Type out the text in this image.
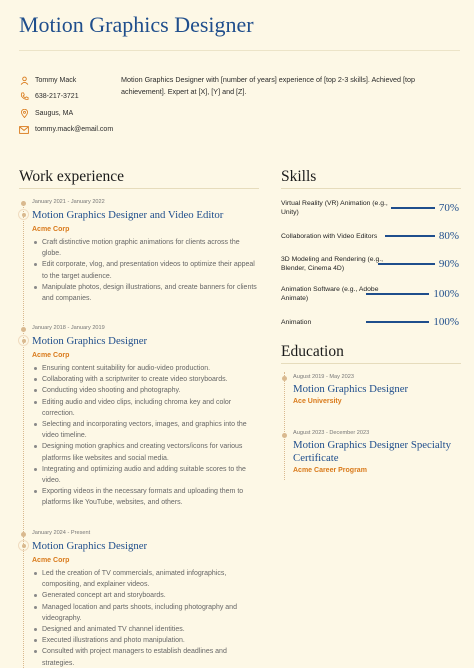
Motion Graphics Designer
Tommy Mack
638-217-3721
Saugus, MA
tommy.mack@email.com
Motion Graphics Designer with [number of years] experience of [top 2-3 skills]. Achieved [top achievement]. Expert at [X], [Y] and [Z].
Work experience
January 2021 - January 2022
Motion Graphics Designer and Video Editor
Acme Corp
Craft distinctive motion graphic animations for clients across the globe.
Edit corporate, vlog, and presentation videos to optimize their appeal to the target audience.
Manipulate photos, design illustrations, and create banners for clients and companies.
January 2018 - January 2019
Motion Graphics Designer
Acme Corp
Ensuring content suitability for audio-video production.
Collaborating with a scriptwriter to create video storyboards.
Conducting video shooting and photography.
Editing audio and video clips, including chroma key and color correction.
Selecting and incorporating vectors, images, and graphics into the video timeline.
Designing motion graphics and creating vectors/icons for various platforms like websites and social media.
Integrating and optimizing audio and adding suitable scores to the video.
Exporting videos in the necessary formats and uploading them to platforms like YouTube, websites, and others.
January 2024 - Present
Motion Graphics Designer
Acme Corp
Led the creation of TV commercials, animated infographics, compositing, and explainer videos.
Generated concept art and storyboards.
Managed location and parts shoots, including photography and videography.
Designed and animated TV channel identities.
Executed illustrations and photo manipulation.
Consulted with project managers to establish deadlines and strategies.
Skills
Virtual Reality (VR) Animation (e.g., Unity)	70%
Collaboration with Video Editors	80%
3D Modeling and Rendering (e.g., Blender, Cinema 4D)	90%
Animation Software (e.g., Adobe Animate)	100%
Animation	100%
Education
August 2019 - May 2023
Motion Graphics Designer
Ace University
August 2023 - December 2023
Motion Graphics Designer Specialty Certificate
Acme Career Program
